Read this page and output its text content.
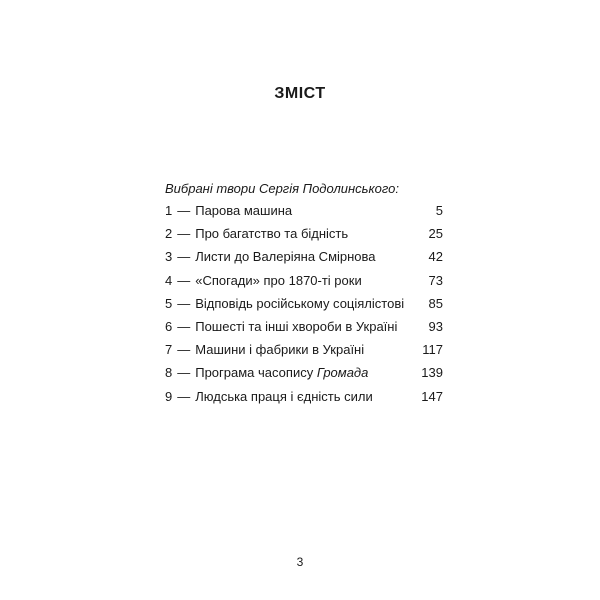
ЗМІСТ
Вибрані твори Сергія Подолинського:
1 — Парова машина	5
2 — Про багатство та бідність	25
3 — Листи до Валеріяна Смірнова	42
4 — «Спогади» про 1870-ті роки	73
5 — Відповідь російському соціялістові 85
6 — Пошесті та інші хвороби в Україні 93
7 — Машини і фабрики в Україні	117
8 — Програма часопису Громада	139
9 — Людська праця і єдність сили	147
3
